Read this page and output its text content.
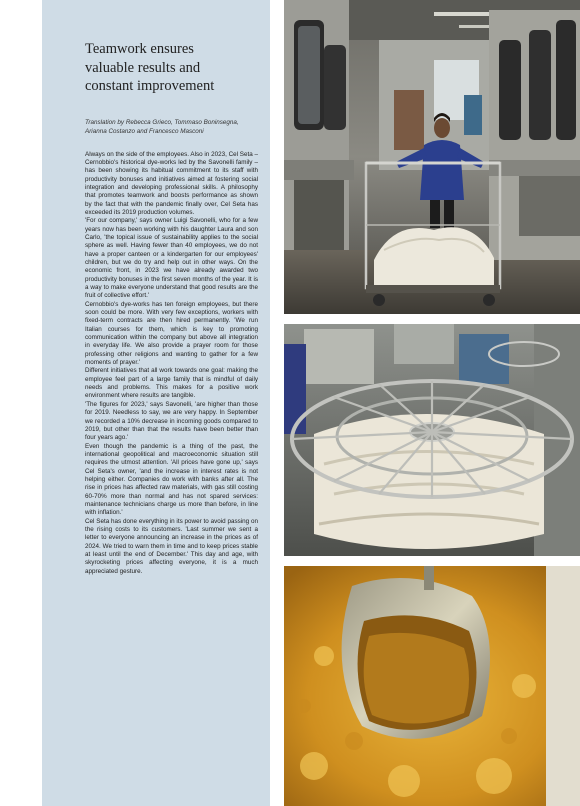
Teamwork ensures
valuable results and
constant improvement
Translation by Rebecca Grieco, Tommaso Boninsegna,
Arianna Costanzo and Francesco Masconi

Always on the side of the employees. Also in 2023, Cel Seta – Cernobbio's historical dye-works led by the Savonelli family – has been showing its habitual commitment to its staff with productivity bonuses and initiatives aimed at fostering social integration and developing professional skills. A philosophy that promotes teamwork and boosts performance as shown by the fact that with the pandemic finally over, Cel Seta has exceeded its 2019 production volumes.

'For our company,' says owner Luigi Savonelli, who for a few years now has been working with his daughter Laura and son Carlo, 'the topical issue of sustainability applies to the social sphere as well. Having fewer than 40 employees, we do not have a proper canteen or a kindergarten for our employees' children, but we do try and help out in other ways. On the economic front, in 2023 we have already awarded two productivity bonuses in the first seven months of the year. It is a way to make everyone understand that good results are the fruit of collective effort.'

Cernobbio's dye-works has ten foreign employees, but there soon could be more. With very few exceptions, workers with fixed-term contracts are then hired permanently. 'We run Italian courses for them, which is key to promoting communication within the company but above all integration in everyday life. We also provide a prayer room for those professing other religions and wanting to gather for a few moments of prayer.'

Different initiatives that all work towards one goal: making the employee feel part of a large family that is mindful of daily needs and problems. This makes for a positive work environment where results are tangible.

'The figures for 2023,' says Savonelli, 'are higher than those for 2019. Needless to say, we are very happy. In September we recorded a 10% decrease in incoming goods compared to 2019, but other than that the results have been better than four years ago.'

Even though the pandemic is a thing of the past, the international geopolitical and macroeconomic situation still requires the utmost attention. 'All prices have gone up,' says Cel Seta's owner, 'and the increase in interest rates is not helping either. Companies do work with banks after all. The rise in prices has affected raw materials, with gas still costing 60-70% more than normal and has not spared services: maintenance technicians charge us more than before, in line with inflation.'

Cel Seta has done everything in its power to avoid passing on the rising costs to its customers. 'Last summer we sent a letter to everyone announcing an increase in the prices as of 2024. We tried to warn them in time and to keep prices stable at least until the end of December.' This day and age, with skyrocketing prices affecting everyone, it is a much appreciated gesture.
